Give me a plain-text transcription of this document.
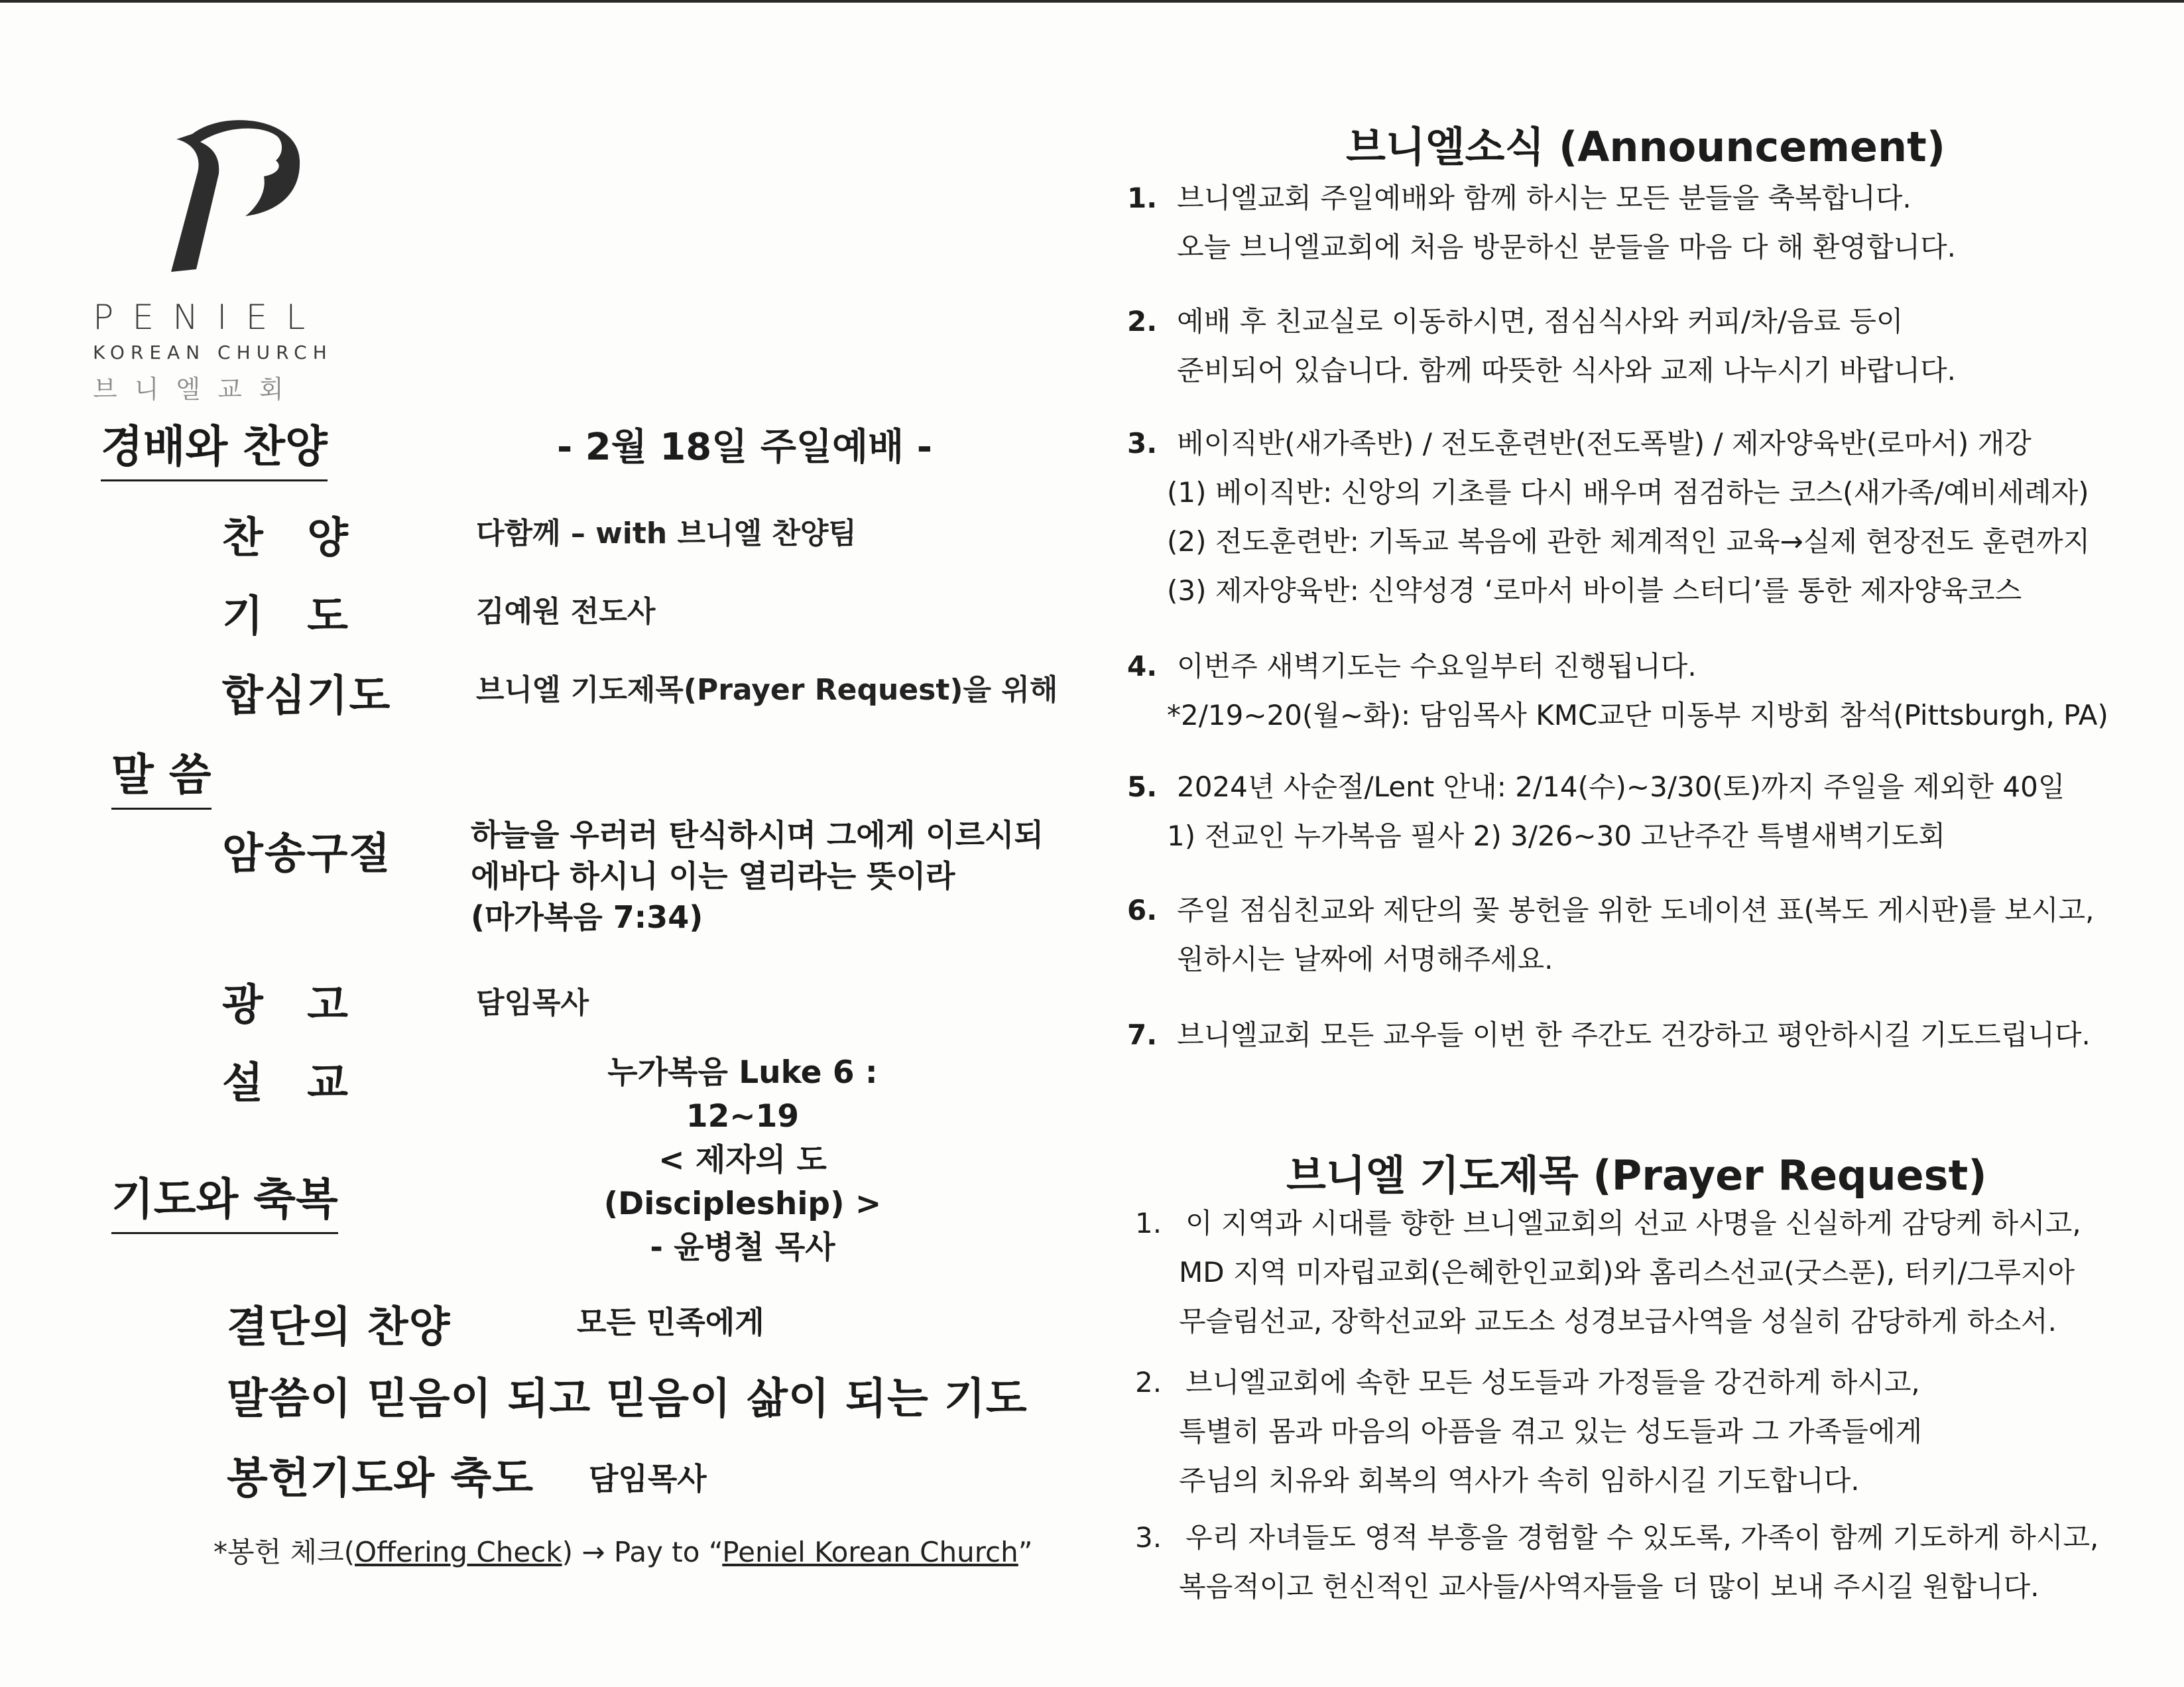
PENIEL
KOREAN CHURCH
브니엘교회
경배와 찬양	- 2월 18일 주일예배 -
찬 양	다함께 – with 브니엘 찬양팀
기 도	김예원 전도사
합심기도	브니엘 기도제목(Prayer Request)을 위해
말 씀
암송구절	하늘을 우러러 탄식하시며 그에게 이르시되
에바다 하시니 이는 열리라는 뜻이라
(마가복음 7:34)
광 고	담임목사
설 교	누가복음 Luke 6 : 12~19
< 제자의 도 (Discipleship) >
- 윤병철 목사
기도와 축복
결단의 찬양	모든 민족에게
말씀이 믿음이 되고 믿음이 삶이 되는 기도
봉헌기도와 축도 담임목사
*봉헌 체크(Offering Check) → Pay to “Peniel Korean Church”
브니엘소식 (Announcement)
1. 브니엘교회 주일예배와 함께 하시는 모든 분들을 축복합니다.
오늘 브니엘교회에 처음 방문하신 분들을 마음 다 해 환영합니다.
2. 예배 후 친교실로 이동하시면, 점심식사와 커피/차/음료 등이
준비되어 있습니다. 함께 따뜻한 식사와 교제 나누시기 바랍니다.
3. 베이직반(새가족반) / 전도훈련반(전도폭발) / 제자양육반(로마서) 개강
(1) 베이직반: 신앙의 기초를 다시 배우며 점검하는 코스(새가족/예비세례자)
(2) 전도훈련반: 기독교 복음에 관한 체계적인 교육→실제 현장전도 훈련까지
(3) 제자양육반: 신약성경 ‘로마서 바이블 스터디’를 통한 제자양육코스
4. 이번주 새벽기도는 수요일부터 진행됩니다.
*2/19~20(월~화): 담임목사 KMC교단 미동부 지방회 참석(Pittsburgh, PA)
5. 2024년 사순절/Lent 안내: 2/14(수)~3/30(토)까지 주일을 제외한 40일
1) 전교인 누가복음 필사 2) 3/26~30 고난주간 특별새벽기도회
6. 주일 점심친교와 제단의 꽃 봉헌을 위한 도네이션 표(복도 게시판)를 보시고,
원하시는 날짜에 서명해주세요.
7. 브니엘교회 모든 교우들 이번 한 주간도 건강하고 평안하시길 기도드립니다.
브니엘 기도제목 (Prayer Request)
1. 이 지역과 시대를 향한 브니엘교회의 선교 사명을 신실하게 감당케 하시고,
MD 지역 미자립교회(은혜한인교회)와 홈리스선교(굿스푼), 터키/그루지아
무슬림선교, 장학선교와 교도소 성경보급사역을 성실히 감당하게 하소서.
2. 브니엘교회에 속한 모든 성도들과 가정들을 강건하게 하시고,
특별히 몸과 마음의 아픔을 겪고 있는 성도들과 그 가족들에게
주님의 치유와 회복의 역사가 속히 임하시길 기도합니다.
3. 우리 자녀들도 영적 부흥을 경험할 수 있도록, 가족이 함께 기도하게 하시고,
복음적이고 헌신적인 교사들/사역자들을 더 많이 보내 주시길 원합니다.
